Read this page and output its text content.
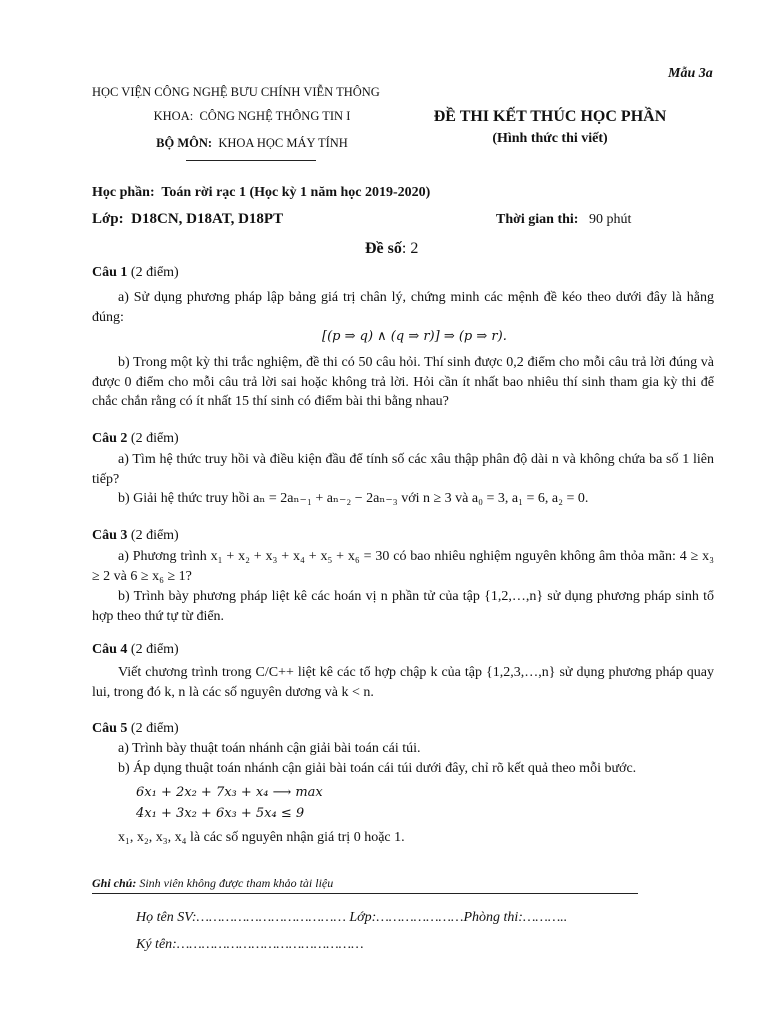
Mẫu 3a
HỌC VIỆN CÔNG NGHỆ BƯU CHÍNH VIỄN THÔNG
KHOA: CÔNG NGHỆ THÔNG TIN I
BỘ MÔN: KHOA HỌC MÁY TÍNH
ĐỀ THI KẾT THÚC HỌC PHẦN
(Hình thức thi viết)
Học phần: Toán rời rạc 1 (Học kỳ 1 năm học 2019-2020)
Lớp: D18CN, D18AT, D18PT	Thời gian thi: 90 phút
Đề số: 2
Câu 1 (2 điểm)
a) Sử dụng phương pháp lập bảng giá trị chân lý, chứng minh các mệnh đề kéo theo dưới đây là hằng đúng:
[(p ⇒ q) ∧ (q ⇒ r)] ⇒ (p ⇒ r).
b) Trong một kỳ thi trắc nghiệm, đề thi có 50 câu hỏi. Thí sinh được 0,2 điểm cho mỗi câu trả lời đúng và được 0 điểm cho mỗi câu trả lời sai hoặc không trả lời. Hỏi cần ít nhất bao nhiêu thí sinh tham gia kỳ thi để chắc chắn rằng có ít nhất 15 thí sinh có điểm bài thi bằng nhau?
Câu 2 (2 điểm)
a) Tìm hệ thức truy hồi và điều kiện đầu để tính số các xâu thập phân độ dài n và không chứa ba số 1 liên tiếp?
b) Giải hệ thức truy hồi aₙ = 2aₙ₋₁ + aₙ₋₂ − 2aₙ₋₃ với n ≥ 3 và a₀ = 3, a₁ = 6, a₂ = 0.
Câu 3 (2 điểm)
a) Phương trình x₁ + x₂ + x₃ + x₄ + x₅ + x₆ = 30 có bao nhiêu nghiệm nguyên không âm thỏa mãn: 4 ≥ x₃ ≥ 2 và 6 ≥ x₆ ≥ 1?
b) Trình bày phương pháp liệt kê các hoán vị n phần tử của tập {1,2,…,n} sử dụng phương pháp sinh tổ hợp theo thứ tự từ điển.
Câu 4 (2 điểm)
Viết chương trình trong C/C++ liệt kê các tổ hợp chập k của tập {1,2,3,…,n} sử dụng phương pháp quay lui, trong đó k, n là các số nguyên dương và k < n.
Câu 5 (2 điểm)
a) Trình bày thuật toán nhánh cận giải bài toán cái túi.
b) Áp dụng thuật toán nhánh cận giải bài toán cái túi dưới đây, chỉ rõ kết quả theo mỗi bước.
6x₁ + 2x₂ + 7x₃ + x₄ ⟶ max
4x₁ + 3x₂ + 6x₃ + 5x₄ ≤ 9
x₁, x₂, x₃, x₄ là các số nguyên nhận giá trị 0 hoặc 1.
Ghi chú: Sinh viên không được tham khảo tài liệu
Họ tên SV:……………………………… Lớp:…………………Phòng thi:………..
Ký tên:………………………………………
